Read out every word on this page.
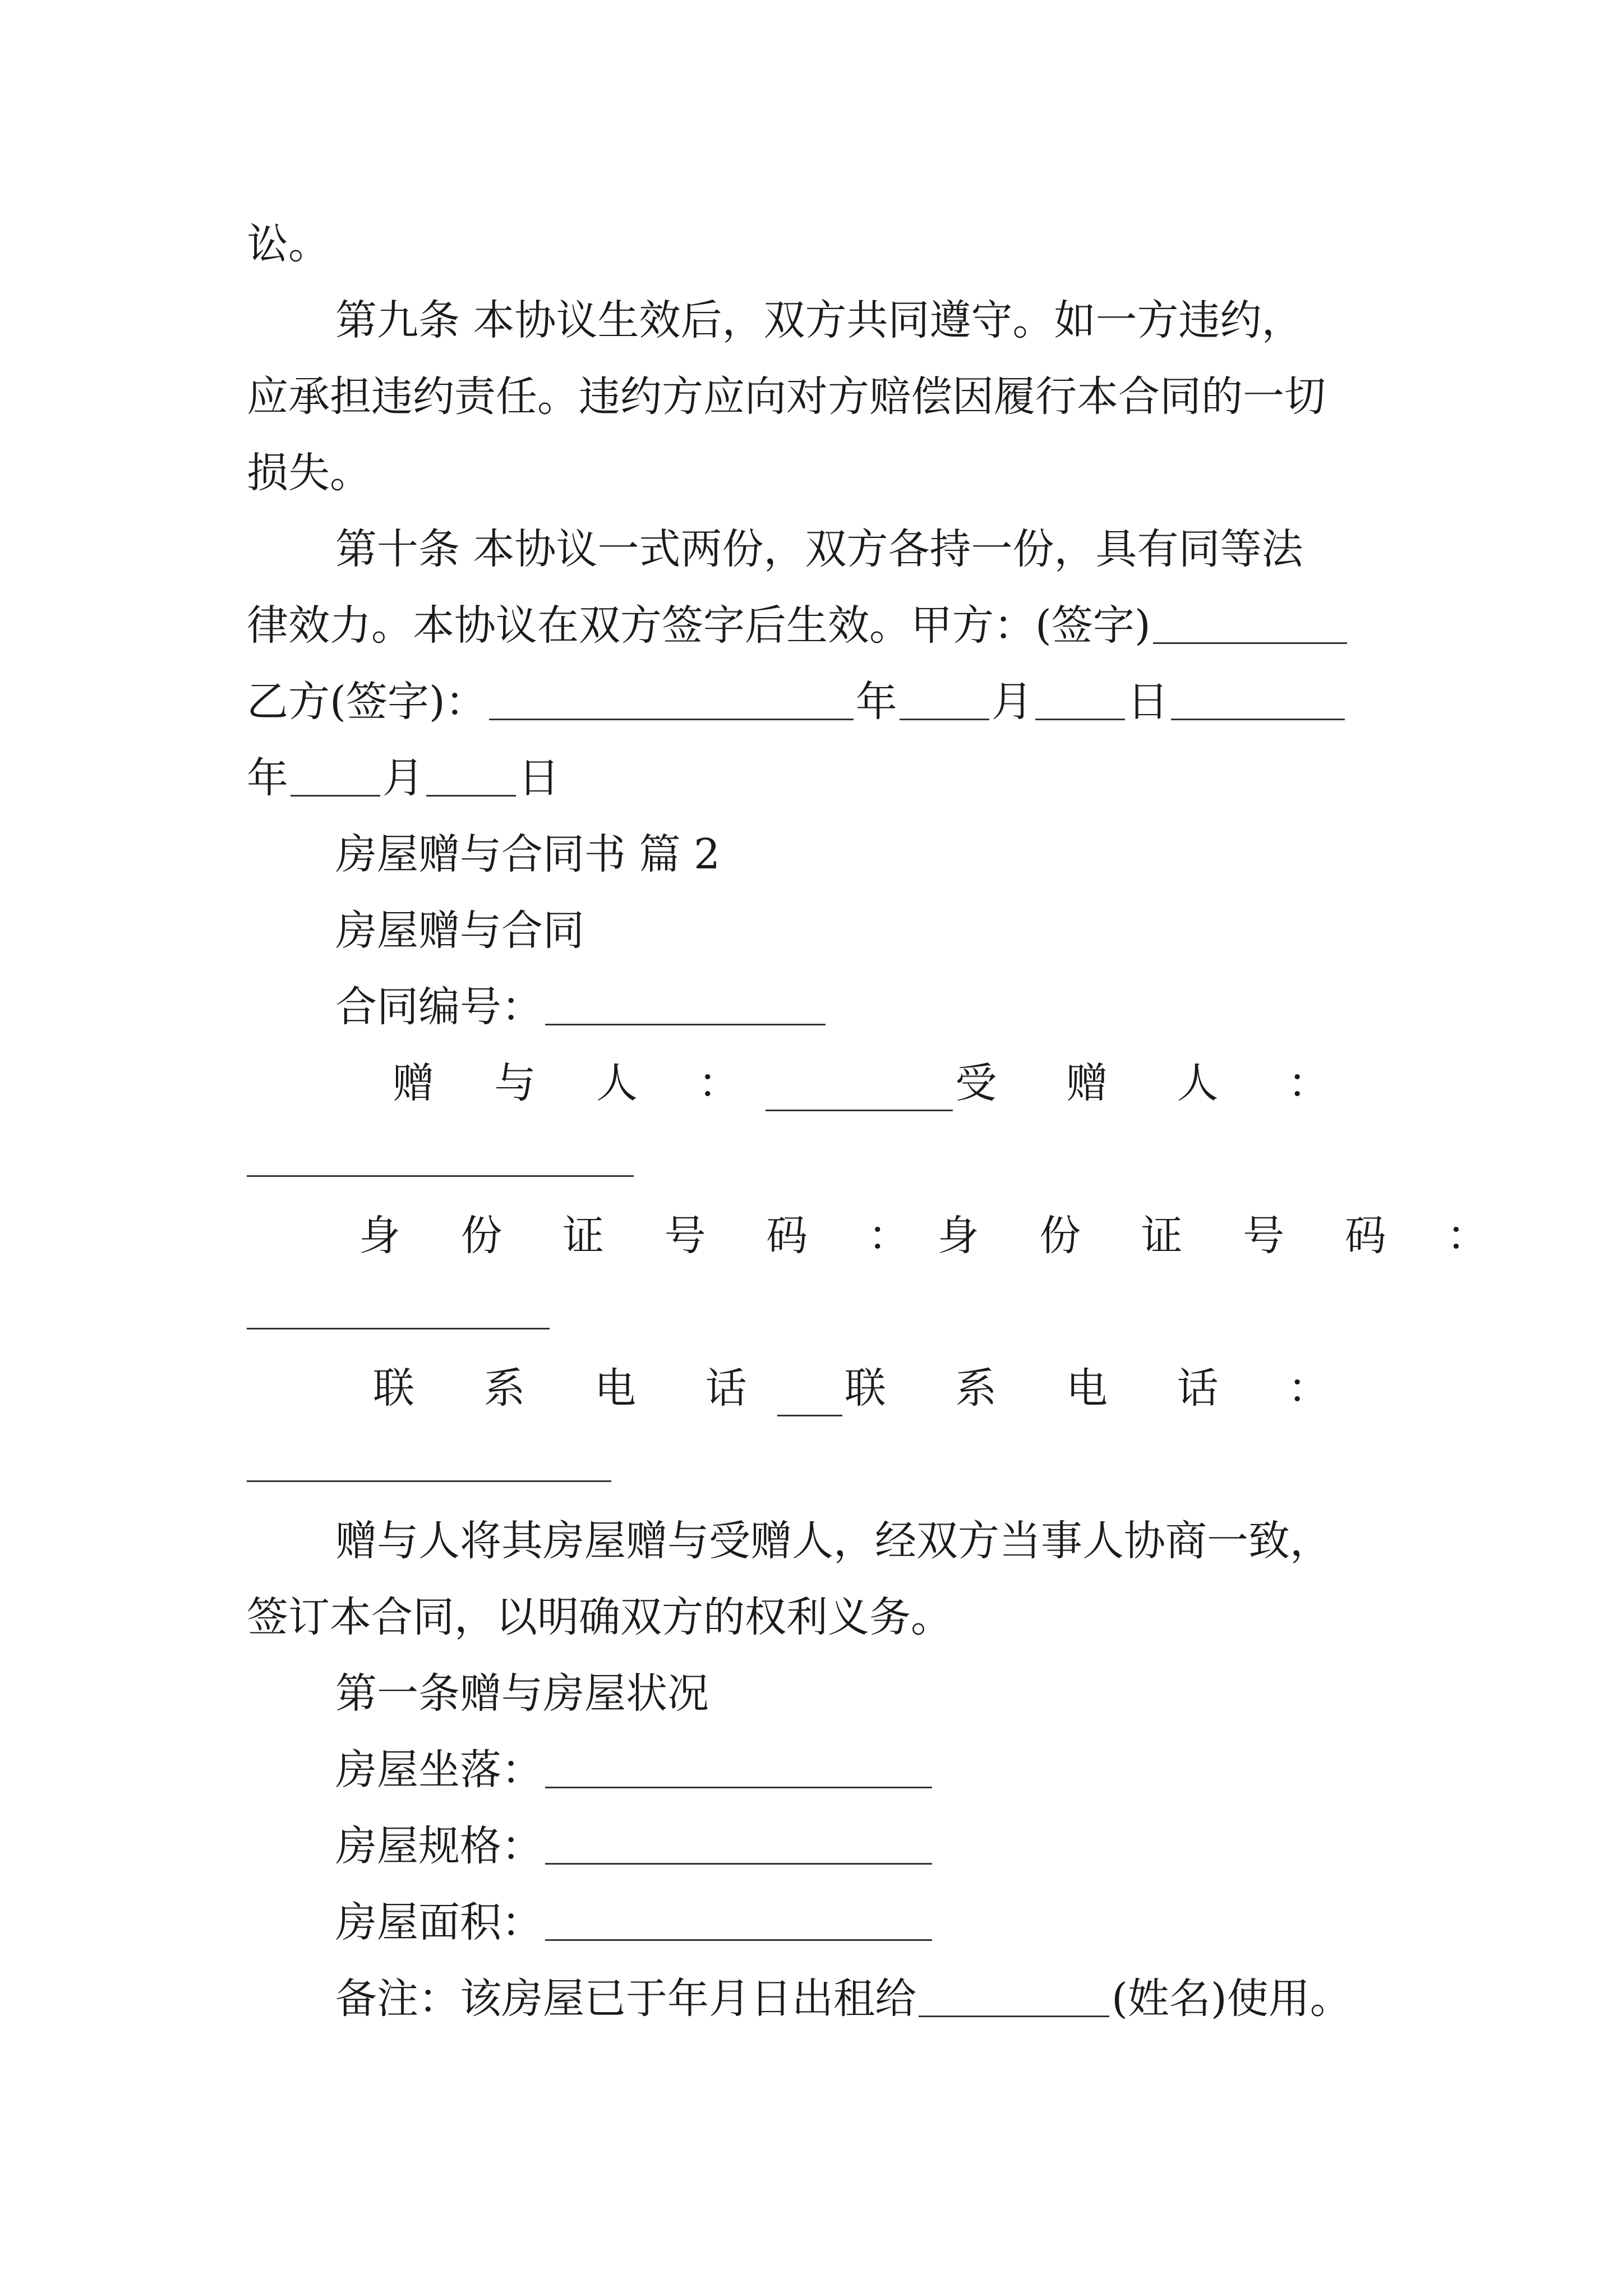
讼。
第九条 本协议生效后，双方共同遵守。如一方违约，
应承担违约责任。违约方应向对方赔偿因履行本合同的一切
损失。
第十条 本协议一式两份，双方各持一份，具有同等法
律效力。本协议在双方签字后生效。甲方：(签字)
乙方(签字)：	年 月 日
年 月 日
房屋赠与合同书 篇 2
房屋赠与合同
合同编号：
赠 与 人 ：	受 赠 人 ：
身 份 证 号 码 ： 身 份 证 号 码 ：
联 系 电 话 联 系 电 话 ：
赠与人将其房屋赠与受赠人，经双方当事人协商一致，
签订本合同，以明确双方的权利义务。
第一条赠与房屋状况
房屋坐落：
房屋规格：
房屋面积：
备注：该房屋已于年月日出租给	(姓名)使用。
